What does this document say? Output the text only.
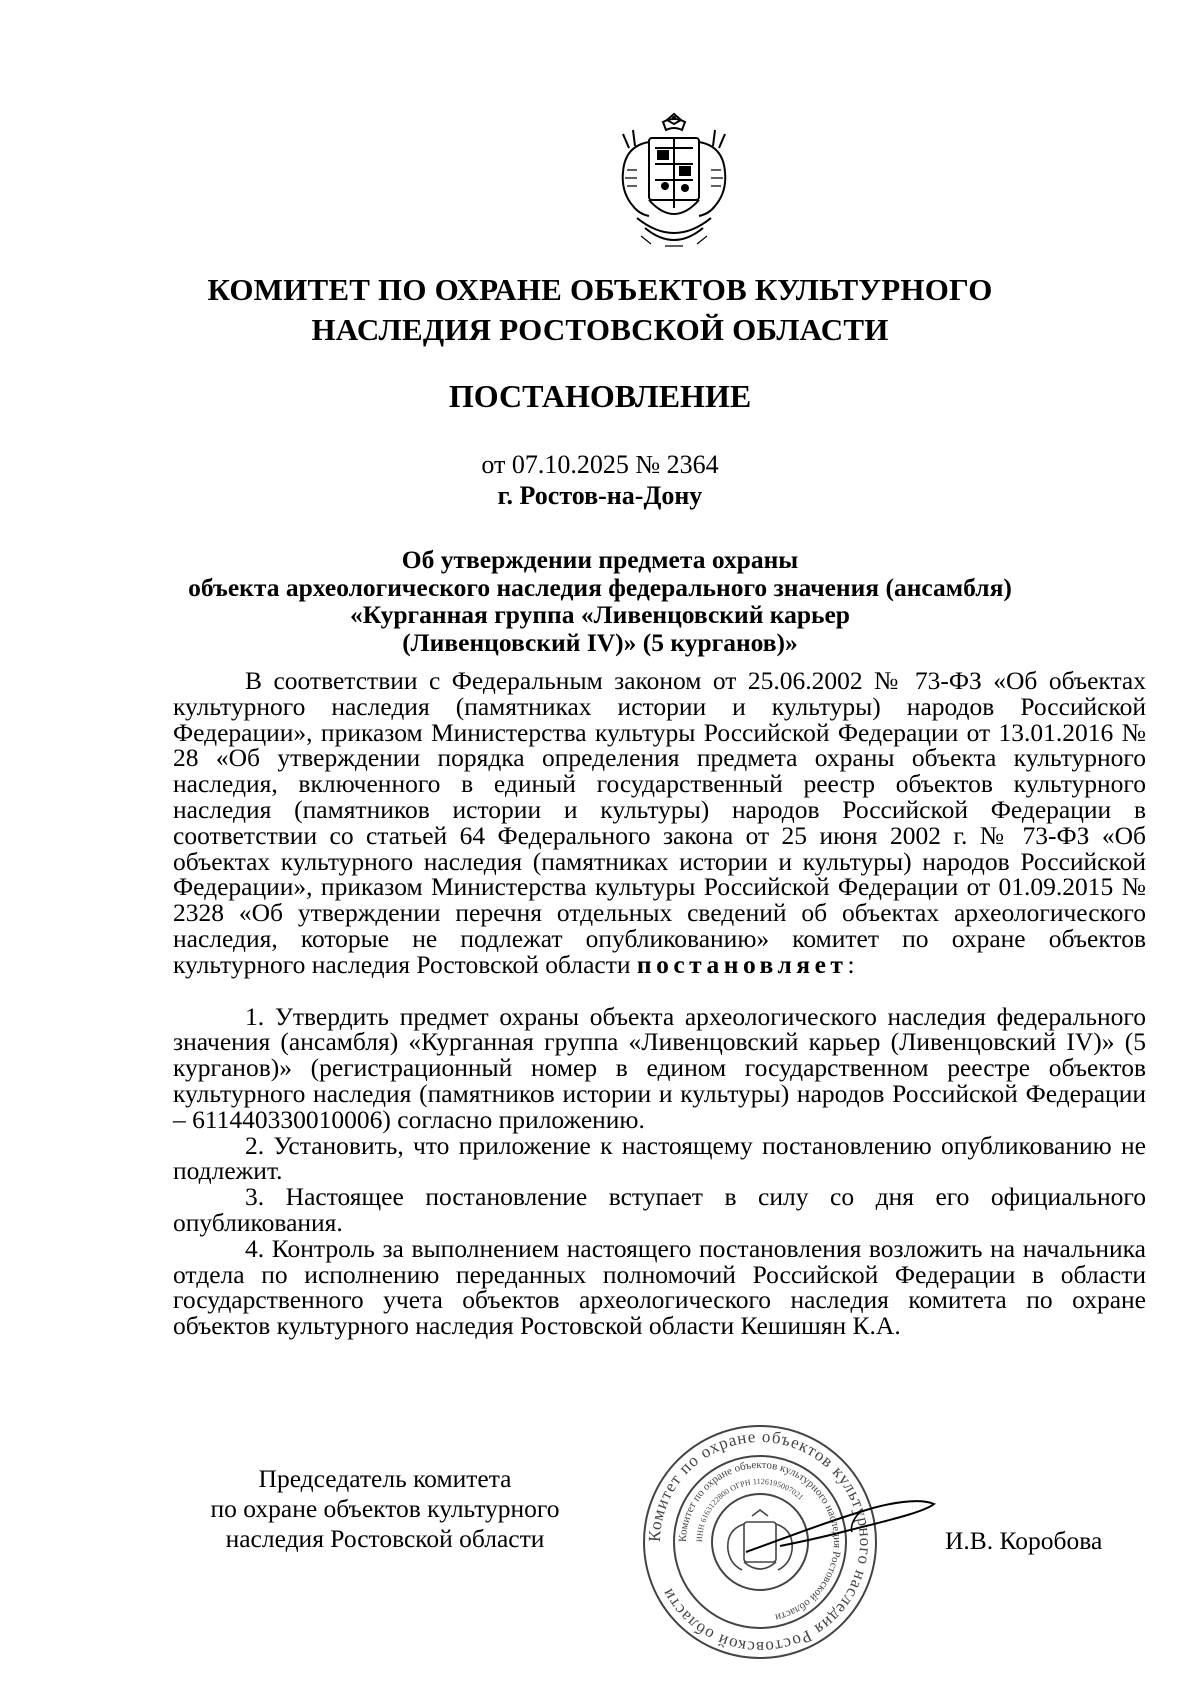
КОМИТЕТ ПО ОХРАНЕ ОБЪЕКТОВ КУЛЬТУРНОГО
НАСЛЕДИЯ РОСТОВСКОЙ ОБЛАСТИ
ПОСТАНОВЛЕНИЕ
от 07.10.2025 № 2364
г. Ростов-на-Дону
Об утверждении предмета охраны
объекта археологического наследия федерального значения (ансамбля)
«Курганная группа «Ливенцовский карьер
(Ливенцовский IV)» (5 курганов)»

В соответствии с Федеральным законом от 25.06.2002 № 73-ФЗ «Об объектах культурного наследия (памятниках истории и культуры) народов Российской Федерации», приказом Министерства культуры Российской Федерации от 13.01.2016 № 28 «Об утверждении порядка определения предмета охраны объекта культурного наследия, включенного в единый государственный реестр объектов культурного наследия (памятников истории и культуры) народов Российской Федерации в соответствии со статьей 64 Федерального закона от 25 июня 2002 г. № 73-ФЗ «Об объектах культурного наследия (памятниках истории и культуры) народов Российской Федерации», приказом Министерства культуры Российской Федерации от 01.09.2015 № 2328 «Об утверждении перечня отдельных сведений об объектах археологического наследия, которые не подлежат опубликованию» комитет по охране объектов культурного наследия Ростовской области постановляет:

1. Утвердить предмет охраны объекта археологического наследия федерального значения (ансамбля) «Курганная группа «Ливенцовский карьер (Ливенцовский IV)» (5 курганов)» (регистрационный номер в едином государственном реестре объектов культурного наследия (памятников истории и культуры) народов Российской Федерации – 611440330010006) согласно приложению.

2. Установить, что приложение к настоящему постановлению опубликованию не подлежит.

3. Настоящее постановление вступает в силу со дня его официального опубликования.

4. Контроль за выполнением настоящего постановления возложить на начальника отдела по исполнению переданных полномочий Российской Федерации в области государственного учета объектов археологического наследия комитета по охране объектов культурного наследия Ростовской области Кешишян К.А.

Комитет по охране объектов культурного наследия Ростовской области
Комитет по охране объектов культурного наследия Ростовской области
ИНН 6163122800 ОГРН 1126195007021
Председатель комитета
по охране объектов культурного
наследия Ростовской области	И.В. Коробова
